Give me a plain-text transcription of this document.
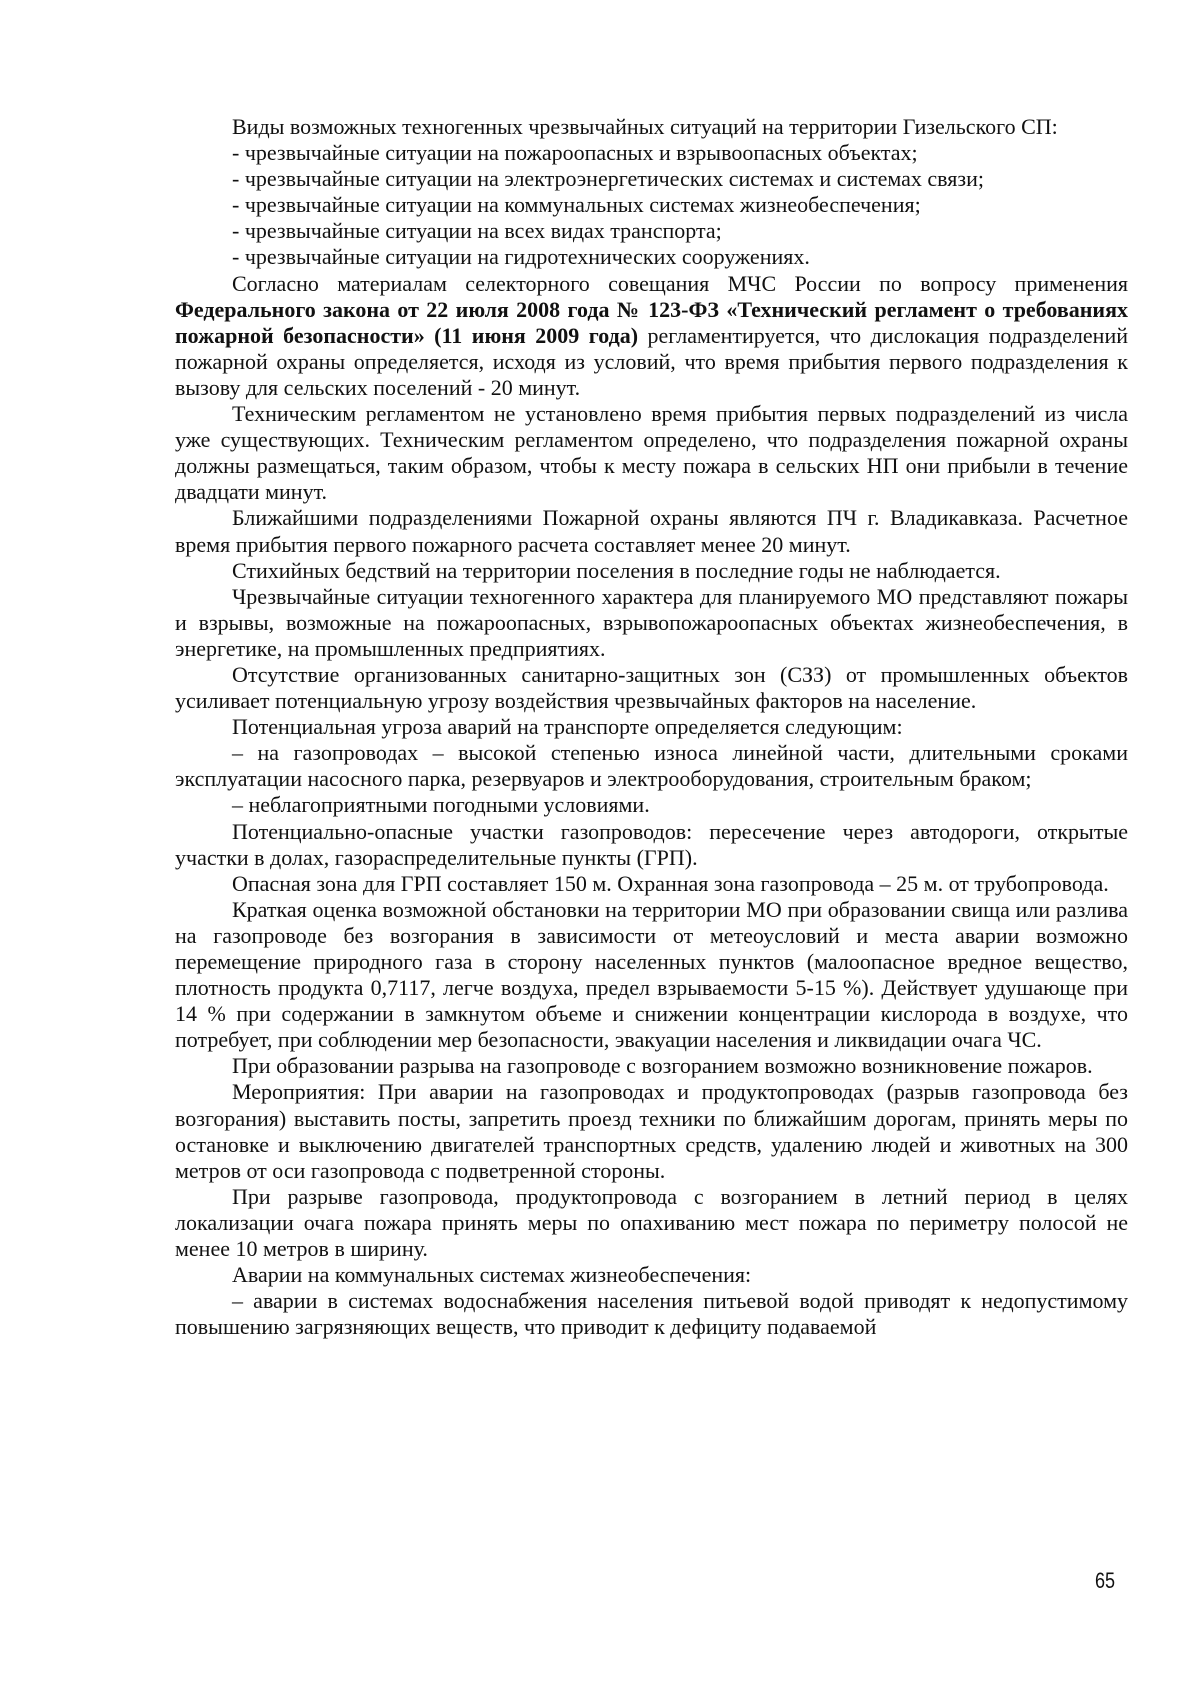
Виды возможных техногенных чрезвычайных ситуаций на территории Гизельского СП:

- чрезвычайные ситуации на пожароопасных и взрывоопасных объектах;

- чрезвычайные ситуации на электроэнергетических системах и системах связи;

- чрезвычайные ситуации на коммунальных системах жизнеобеспечения;

- чрезвычайные ситуации на всех видах транспорта;

- чрезвычайные ситуации на гидротехнических сооружениях.

Согласно материалам селекторного совещания МЧС России по вопросу применения Федерального закона от 22 июля 2008 года № 123-ФЗ «Технический регламент о требованиях пожарной безопасности» (11 июня 2009 года) регламентируется, что дислокация подразделений пожарной охраны определяется, исходя из условий, что время прибытия первого подразделения к вызову для сельских поселений - 20 минут.

Техническим регламентом не установлено время прибытия первых подразделений из числа уже существующих. Техническим регламентом определено, что подразделения пожарной охраны должны размещаться, таким образом, чтобы к месту пожара в сельских НП они прибыли в течение двадцати минут.

Ближайшими подразделениями Пожарной охраны являются ПЧ г. Владикавказа. Расчетное время прибытия первого пожарного расчета составляет менее 20 минут.

Стихийных бедствий на территории поселения в последние годы не наблюдается.

Чрезвычайные ситуации техногенного характера для планируемого МО представляют пожары и взрывы, возможные на пожароопасных, взрывопожароопасных объектах жизнеобеспечения, в энергетике, на промышленных предприятиях.

Отсутствие организованных санитарно-защитных зон (СЗЗ) от промышленных объектов усиливает потенциальную угрозу воздействия чрезвычайных факторов на население.

Потенциальная угроза аварий на транспорте определяется следующим:

– на газопроводах – высокой степенью износа линейной части, длительными сроками эксплуатации насосного парка, резервуаров и электрооборудования, строительным браком;

– неблагоприятными погодными условиями.

Потенциально-опасные участки газопроводов: пересечение через автодороги, открытые участки в долах, газораспределительные пункты (ГРП).

Опасная зона для ГРП составляет 150 м. Охранная зона газопровода – 25 м. от трубопровода.

Краткая оценка возможной обстановки на территории МО при образовании свища или разлива на газопроводе без возгорания в зависимости от метеоусловий и места аварии возможно перемещение природного газа в сторону населенных пунктов (малоопасное вредное вещество, плотность продукта 0,7117, легче воздуха, предел взрываемости 5-15 %). Действует удушающе при 14 % при содержании в замкнутом объеме и снижении концентрации кислорода в воздухе, что потребует, при соблюдении мер безопасности, эвакуации населения и ликвидации очага ЧС.

При образовании разрыва на газопроводе с возгоранием возможно возникновение пожаров.

Мероприятия: При аварии на газопроводах и продуктопроводах (разрыв газопровода без возгорания) выставить посты, запретить проезд техники по ближайшим дорогам, принять меры по остановке и выключению двигателей транспортных средств, удалению людей и животных на 300 метров от оси газопровода с подветренной стороны.

При разрыве газопровода, продуктопровода с возгоранием в летний период в целях локализации очага пожара принять меры по опахиванию мест пожара по периметру полосой не менее 10 метров в ширину.

Аварии на коммунальных системах жизнеобеспечения:

– аварии в системах водоснабжения населения питьевой водой приводят к недопустимому повышению загрязняющих веществ, что приводит к дефициту подаваемой

65
